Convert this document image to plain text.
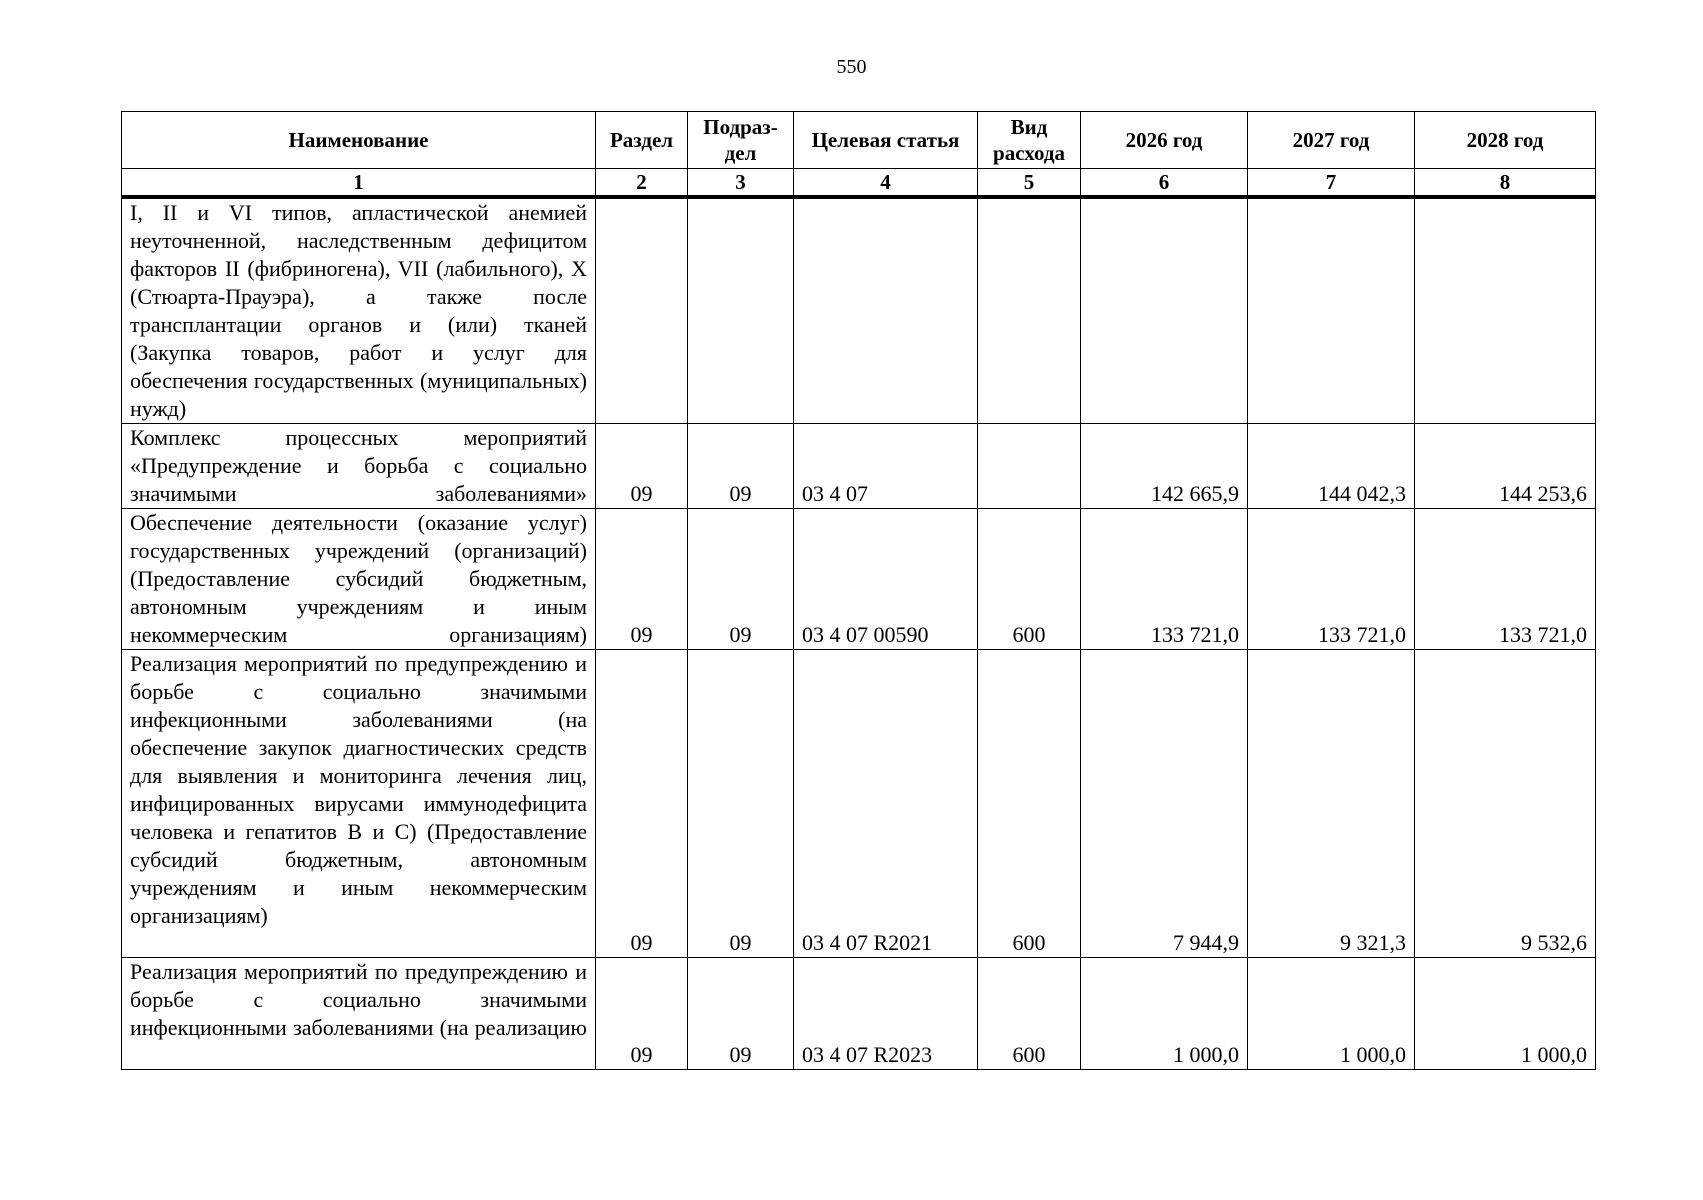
550
Наименование	Раздел	Подраз-дел	Целевая статья	Вид расхода	2026 год	2027 год	2028 год
1	2	3	4	5	6	7	8
I, II и VI типов, апластической анемией неуточненной, наследственным дефицитом факторов II (фибриногена), VII (лабильного), X (Стюарта-Прауэра), а также после трансплантации органов и (или) тканей (Закупка товаров, работ и услуг для обеспечения государственных (муниципальных) нужд)							
Комплекс процессных мероприятий «Предупреждение и борьба с социально значимыми заболеваниями»	09	09	03 4 07		142 665,9	144 042,3	144 253,6
Обеспечение деятельности (оказание услуг) государственных учреждений (организаций) (Предоставление субсидий бюджетным, автономным учреждениям и иным некоммерческим организациям)	09	09	03 4 07 00590	600	133 721,0	133 721,0	133 721,0
Реализация мероприятий по предупреждению и борьбе с социально значимыми инфекционными заболеваниями (на обеспечение закупок диагностических средств для выявления и мониторинга лечения лиц, инфицированных вирусами иммунодефицита человека и гепатитов B и C) (Предоставление субсидий бюджетным, автономным учреждениям и иным некоммерческим организациям)	09	09	03 4 07 R2021	600	7 944,9	9 321,3	9 532,6
Реализация мероприятий по предупреждению и борьбе с социально значимыми инфекционными заболеваниями (на реализацию	09	09	03 4 07 R2023	600	1 000,0	1 000,0	1 000,0
